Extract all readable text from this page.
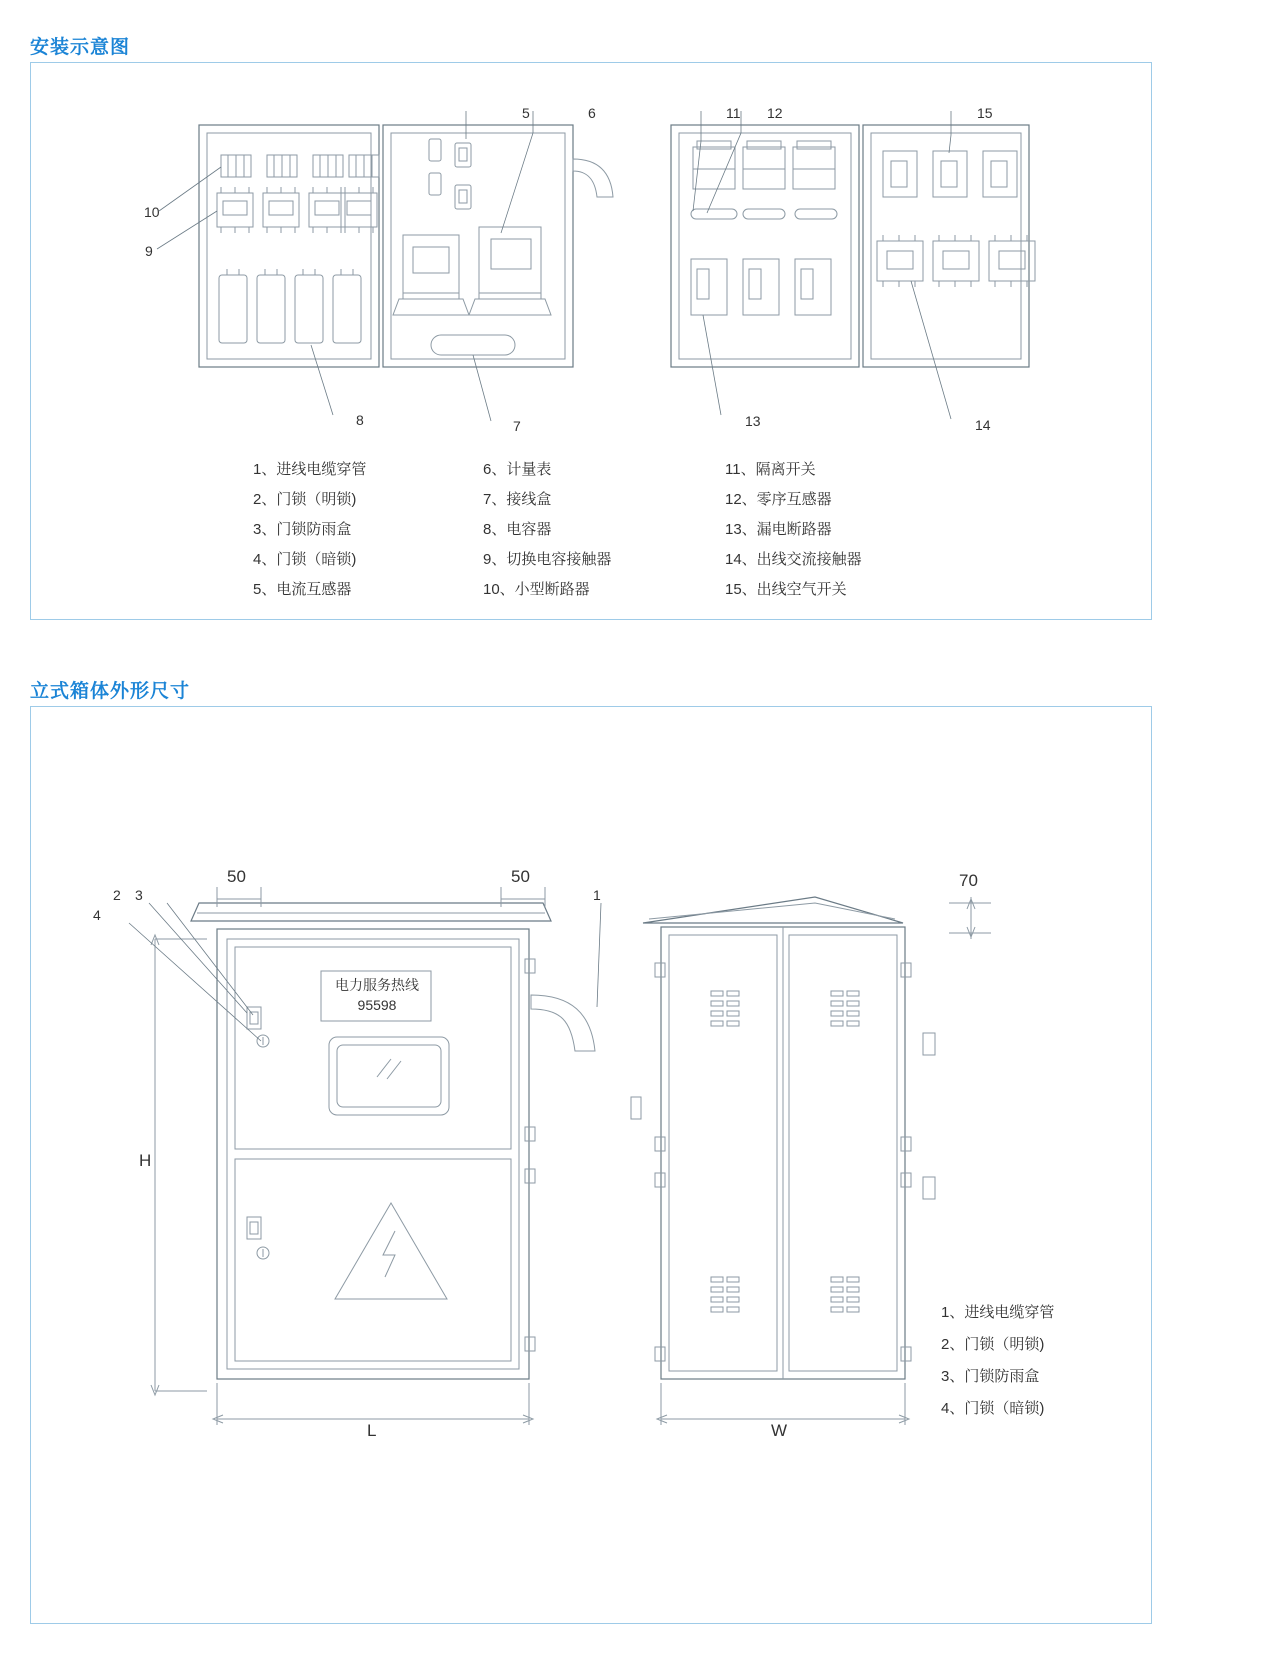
安装示意图
立式箱体外形尺寸
5	6
10
9
8	7
11 12	15
13	14
1、进线电缆穿管
2、门锁（明锁)
3、门锁防雨盒
4、门锁（暗锁)
5、电流互感器
6、计量表
7、接线盒
8、电容器
9、切换电容接触器
10、小型断路器
11、隔离开关
12、零序互感器
13、漏电断路器
14、出线交流接触器
15、出线空气开关
50	50	70
H
L	W
2 3
4
1
电力服务热线
95598
1、进线电缆穿管
2、门锁（明锁)
3、门锁防雨盒
4、门锁（暗锁)
